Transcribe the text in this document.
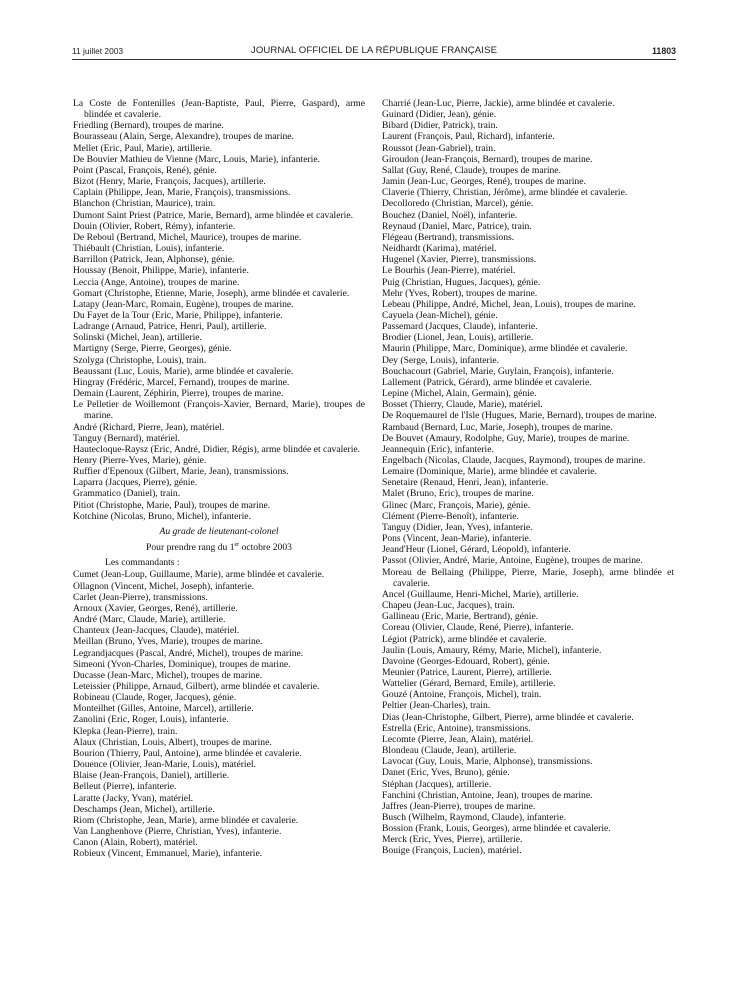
11 juillet 2003	JOURNAL OFFICIEL DE LA RÉPUBLIQUE FRANÇAISE	11803

La Coste de Fontenilles (Jean-Baptiste, Paul, Pierre, Gaspard), arme blindée et cavalerie.

Friedling (Bernard), troupes de marine.

Bourasseau (Alain, Serge, Alexandre), troupes de marine.

Mellet (Eric, Paul, Marie), artillerie.

De Bouvier Mathieu de Vienne (Marc, Louis, Marie), infanterie.

Point (Pascal, François, René), génie.

Bizot (Henry, Marie, François, Jacques), artillerie.

Caplain (Philippe, Jean, Marie, François), transmissions.

Blanchon (Christian, Maurice), train.

Dumont Saint Priest (Patrice, Marie, Bernard), arme blindée et cavalerie.

Douin (Olivier, Robert, Rémy), infanterie.

De Reboul (Bertrand, Michel, Maurice), troupes de marine.

Thiébault (Christian, Louis), infanterie.

Barrillon (Patrick, Jean, Alphonse), génie.

Houssay (Benoit, Philippe, Marie), infanterie.

Leccia (Ange, Antoine), troupes de marine.

Gomart (Christophe, Etienne, Marie, Joseph), arme blindée et cavalerie.

Latapy (Jean-Marc, Romain, Eugène), troupes de marine.

Du Fayet de la Tour (Eric, Marie, Philippe), infanterie.

Ladrange (Arnaud, Patrice, Henri, Paul), artillerie.

Solinski (Michel, Jean), artillerie.

Martigny (Serge, Pierre, Georges), génie.

Szolyga (Christophe, Louis), train.

Beaussant (Luc, Louis, Marie), arme blindée et cavalerie.

Hingray (Frédéric, Marcel, Fernand), troupes de marine.

Demain (Laurent, Zéphirin, Pierre), troupes de marine.

Le Pelletier de Woillemont (François-Xavier, Bernard, Marie), troupes de marine.

André (Richard, Pierre, Jean), matériel.

Tanguy (Bernard), matériel.

Hautecloque-Raysz (Eric, André, Didier, Régis), arme blindée et cavalerie.

Henry (Pierre-Yves, Marie), génie.

Ruffier d'Epenoux (Gilbert, Marie, Jean), transmissions.

Laparra (Jacques, Pierre), génie.

Grammatico (Daniel), train.

Pitiot (Christophe, Marie, Paul), troupes de marine.

Kotchine (Nicolas, Bruno, Michel), infanterie.

Au grade de lieutenant-colonel
Pour prendre rang du 1er octobre 2003
Les commandants :

Cumet (Jean-Loup, Guillaume, Marie), arme blindée et cavalerie.

Ollagnon (Vincent, Michel, Joseph), infanterie.

Carlet (Jean-Pierre), transmissions.

Arnoux (Xavier, Georges, René), artillerie.

André (Marc, Claude, Marie), artillerie.

Chanteux (Jean-Jacques, Claude), matériel.

Meillan (Bruno, Yves, Marie), troupes de marine.

Legrandjacques (Pascal, André, Michel), troupes de marine.

Simeoni (Yvon-Charles, Dominique), troupes de marine.

Ducasse (Jean-Marc, Michel), troupes de marine.

Leteissier (Philippe, Arnaud, Gilbert), arme blindée et cavalerie.

Robineau (Claude, Roger, Jacques), génie.

Monteilhet (Gilles, Antoine, Marcel), artillerie.

Zanolini (Eric, Roger, Louis), infanterie.

Klepka (Jean-Pierre), train.

Alaux (Christian, Louis, Albert), troupes de marine.

Bourion (Thierry, Paul, Antoine), arme blindée et cavalerie.

Douence (Olivier, Jean-Marie, Louis), matériel.

Blaise (Jean-François, Daniel), artillerie.

Belleut (Pierre), infanterie.

Laratte (Jacky, Yvan), matériel.

Deschamps (Jean, Michel), artillerie.

Riom (Christophe, Jean, Marie), arme blindée et cavalerie.

Van Langhenhove (Pierre, Christian, Yves), infanterie.

Canon (Alain, Robert), matériel.

Robieux (Vincent, Emmanuel, Marie), infanterie.

Charrié (Jean-Luc, Pierre, Jackie), arme blindée et cavalerie.

Guinard (Didier, Jean), génie.

Bibard (Didier, Patrick), train.

Laurent (François, Paul, Richard), infanterie.

Roussot (Jean-Gabriel), train.

Giroudon (Jean-François, Bernard), troupes de marine.

Sallat (Guy, René, Claude), troupes de marine.

Jamin (Jean-Luc, Georges, René), troupes de marine.

Claverie (Thierry, Christian, Jérôme), arme blindée et cavalerie.

Decolloredo (Christian, Marcel), génie.

Bouchez (Daniel, Noël), infanterie.

Reynaud (Daniel, Marc, Patrice), train.

Flégeau (Bertrand), transmissions.

Neidhardt (Karima), matériel.

Hugenel (Xavier, Pierre), transmissions.

Le Bourhis (Jean-Pierre), matériel.

Puig (Christian, Hugues, Jacques), génie.

Mehr (Yves, Robert), troupes de marine.

Lebeau (Philippe, André, Michel, Jean, Louis), troupes de marine.

Cayuela (Jean-Michel), génie.

Passemard (Jacques, Claude), infanterie.

Brodier (Lionel, Jean, Louis), artillerie.

Maurin (Philippe, Marc, Dominique), arme blindée et cavalerie.

Dey (Serge, Louis), infanterie.

Bouchacourt (Gabriel, Marie, Guylain, François), infanterie.

Lallement (Patrick, Gérard), arme blindée et cavalerie.

Lepine (Michel, Alain, Germain), génie.

Bosset (Thierry, Claude, Marie), matériel.

De Roquemaurel de l'Isle (Hugues, Marie, Bernard), troupes de marine.

Rambaud (Bernard, Luc, Marie, Joseph), troupes de marine.

De Bouvet (Amaury, Rodolphe, Guy, Marie), troupes de marine.

Jeannequin (Eric), infanterie.

Engelbach (Nicolas, Claude, Jacques, Raymond), troupes de marine.

Lemaire (Dominique, Marie), arme blindée et cavalerie.

Senetaire (Renaud, Henri, Jean), infanterie.

Malet (Bruno, Eric), troupes de marine.

Glinec (Marc, François, Marie), génie.

Clément (Pierre-Benoît), infanterie.

Tanguy (Didier, Jean, Yves), infanterie.

Pons (Vincent, Jean-Marie), infanterie.

Jeand'Heur (Lionel, Gérard, Léopold), infanterie.

Passot (Olivier, André, Marie, Antoine, Eugène), troupes de marine.

Moreau de Bellaing (Philippe, Pierre, Marie, Joseph), arme blindée et cavalerie.

Ancel (Guillaume, Henri-Michel, Marie), artillerie.

Chapeu (Jean-Luc, Jacques), train.

Gallineau (Eric, Marie, Bertrand), génie.

Coreau (Olivier, Claude, René, Pierre), infanterie.

Légiot (Patrick), arme blindée et cavalerie.

Jaulin (Louis, Amaury, Rémy, Marie, Michel), infanterie.

Davoine (Georges-Edouard, Robert), génie.

Meunier (Patrice, Laurent, Pierre), artillerie.

Wattelier (Gérard, Bernard, Emile), artillerie.

Gouzé (Antoine, François, Michel), train.

Peltier (Jean-Charles), train.

Dias (Jean-Christophe, Gilbert, Pierre), arme blindée et cavalerie.

Estrella (Eric, Antoine), transmissions.

Lecomte (Pierre, Jean, Alain), matériel.

Blondeau (Claude, Jean), artillerie.

Lavocat (Guy, Louis, Marie, Alphonse), transmissions.

Danet (Eric, Yves, Bruno), génie.

Stéphan (Jacques), artillerie.

Fanchini (Christian, Antoine, Jean), troupes de marine.

Jaffres (Jean-Pierre), troupes de marine.

Busch (Wilhelm, Raymond, Claude), infanterie.

Bossion (Frank, Louis, Georges), arme blindée et cavalerie.

Merck (Eric, Yves, Pierre), artillerie.

Bouige (François, Lucien), matériel.
